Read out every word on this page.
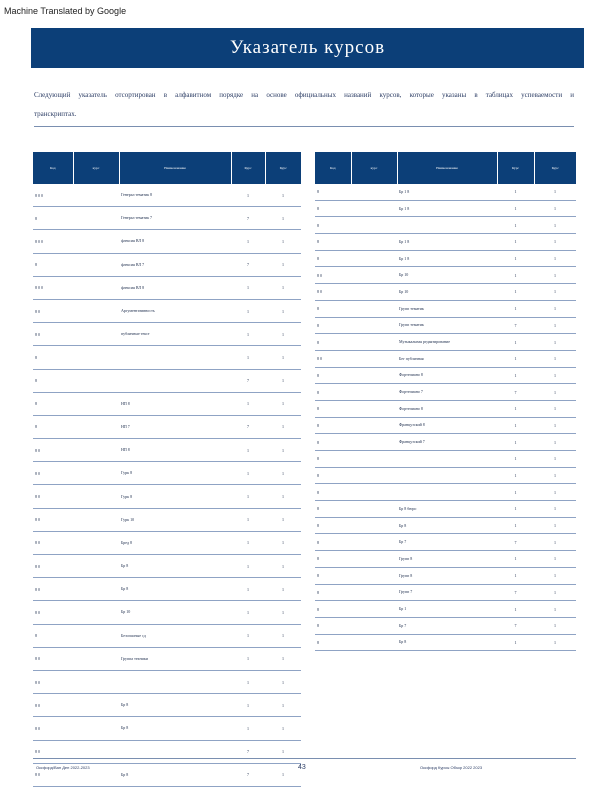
Machine Translated by Google
Указатель курсов
Следующий указатель отсортирован в алфавитном порядке на основе официальных названий курсов, которые указаны в таблицах успеваемости и транскриптах.
Код	курс	Наименование	Курс	Курс
8 0 0		Генерал тематик 8	1	1
8		Генерал тематик 7	7	1
8 0 0		флексия ВЛ 8	1	1
8		флексия ВЛ 7	7	1
8 0 0		флексия ВЛ 8	1	1
8 0		Аргументативность	1	1
8 0		публичные текст	1	1
8			1	1
8			7	1
8		НП 8	1	1
8		НП 7	7	1
8 0		НП 8	1	1
8 0		Гурк 8	1	1
8 0		Гурк 8	1	1
8 0		Гурк 10	1	1
8 0		Бред 8	1	1
8 0		Бр 8	1	1
8 0		Бр 8	1	1
8 0		Бр 10	1	1
8		Безопасные сд	1	1
8 0		Группа техники	1	1
8 0			1	1
8 0		Бр 8	1	1
8 0		Бр 8	1	1
8 0			7	1
8 0		Бр 8	7	1
Код	курс	Наименование	Курс	Курс
8		Бр 1 8	1	1
8		Бр 1 8	1	1
8			1	1
8		Бр 1 8	1	1
8		Бр 1 8	1	1
8 0		Бр 10	1	1
8 0		Бр 10	1	1
8		Групп тематик	1	1
8		Групп тематик	7	1
8		Музыкальная редактирование	1	1
8 0		Бег публичная	1	1
8		Фортепиано 8	1	1
8		Фортепиано 7	7	1
8		Фортепиано 8	1	1
8		Французский 8	1	1
8		Французский 7	1	1
8			1	1
8			1	1
8			1	1
8		Бр 8 бюро	1	1
8		Бр 8	1	1
8		Бр 7	7	1
8		Групп 8	1	1
8		Групп 8	1	1
8		Групп 7	7	1
8		Бр 1	1	1
8		Бр 7	7	1
8		Бр 8	1	1
Оксфорд/Ван Ден 2022-2023	43	Оксфорд Курсы Обзор 2022 2023
